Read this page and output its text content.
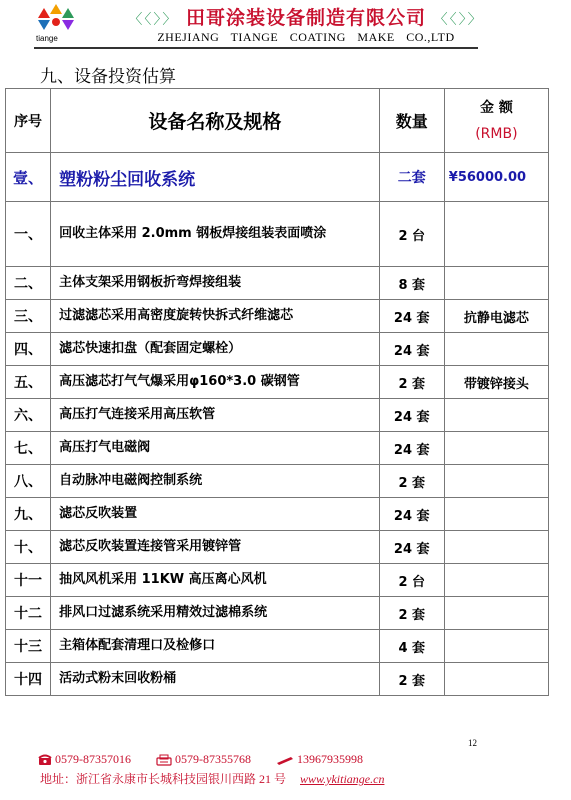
tiange
〈〈〉〉 田哥涂装设备制造有限公司 〈〈〉〉
ZHEJIANG TIANGE COATING MAKE CO.,LTD
九、设备投资估算
序号	设备名称及规格	数量	金 额
(RMB)

壹、	塑粉粉尘回收系统	二套	¥56000.00
一、	回收主体采用 2.0mm 钢板焊接组装表面喷涂	2 台	
二、	主体支架采用钢板折弯焊接组装	8 套	
三、	过滤滤芯采用高密度旋转快拆式纤维滤芯	24 套	抗静电滤芯
四、	滤芯快速扣盘（配套固定螺栓）	24 套	
五、	高压滤芯打气气爆采用φ160*3.0 碳钢管	2 套	带镀锌接头
六、	高压打气连接采用高压软管	24 套	
七、	高压打气电磁阀	24 套	
八、	自动脉冲电磁阀控制系统	2 套	
九、	滤芯反吹装置	24 套	
十、	滤芯反吹装置连接管采用镀锌管	24 套	
十一	抽风风机采用 11KW 高压离心风机	2 台	
十二	排风口过滤系统采用精效过滤棉系统	2 套	
十三	主箱体配套清理口及检修口	4 套	
十四	活动式粉末回收粉桶	2 套	
12
0579-87357016	0579-87355768	13967935998
地址：浙江省永康市长城科技园银川西路 21 号 www.ykitiange.cn
